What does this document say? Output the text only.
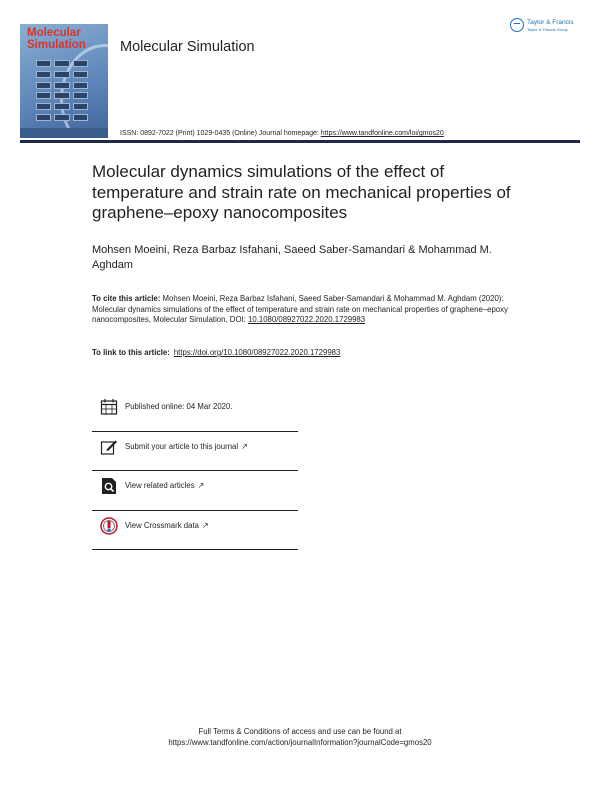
Molecular Simulation	Molecular Simulation
Taylor & Francis
Taylor & Francis Group
ISSN: 0892-7022 (Print) 1029-0435 (Online) Journal homepage: https://www.tandfonline.com/loi/gmos20
Molecular dynamics simulations of the effect of temperature and strain rate on mechanical properties of graphene–epoxy nanocomposites
Mohsen Moeini, Reza Barbaz Isfahani, Saeed Saber-Samandari & Mohammad M. Aghdam
To cite this article: Mohsen Moeini, Reza Barbaz Isfahani, Saeed Saber-Samandari & Mohammad M. Aghdam (2020): Molecular dynamics simulations of the effect of temperature and strain rate on mechanical properties of graphene–epoxy nanocomposites, Molecular Simulation, DOI: 10.1080/08927022.2020.1729983
To link to this article: https://doi.org/10.1080/08927022.2020.1729983
Published online: 04 Mar 2020.
Submit your article to this journal ↗
View related articles ↗
View Crossmark data ↗
Full Terms & Conditions of access and use can be found at
https://www.tandfonline.com/action/journalInformation?journalCode=gmos20
